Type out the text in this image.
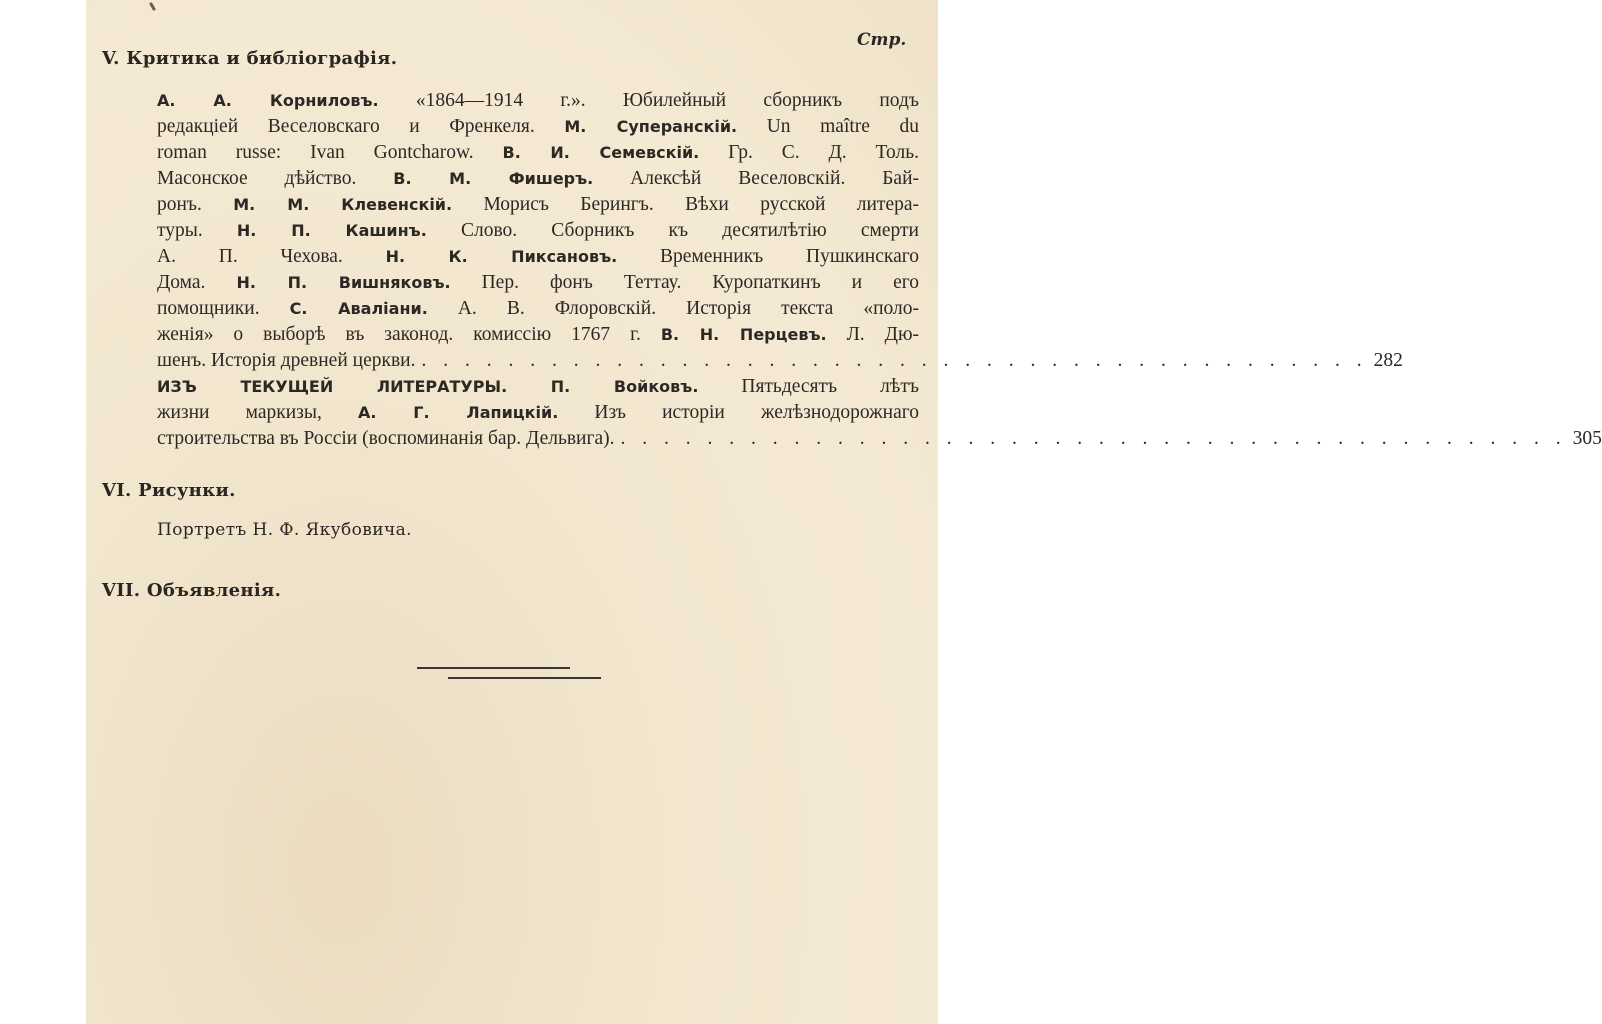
Стр.
V. Критика и библіографія.
А. А. Корниловъ. «1864—1914 г.». Юбилейный сборникъ подъ
редакціей Веселовскаго и Френкеля. М. Суперанскій. Un maître du
roman russe: Ivan Gontcharow. В. И. Семевскій. Гр. С. Д. Толь.
Масонское дѣйство. В. М. Фишеръ. Алексѣй Веселовскій. Бай-
ронъ. М. М. Клевенскій. Морисъ Берингъ. Вѣхи русской литера-
туры. Н. П. Кашинъ. Слово. Сборникъ къ десятилѣтію смерти
А. П. Чехова. Н. К. Пиксановъ. Временникъ Пушкинскаго
Дома. Н. П. Вишняковъ. Пер. фонъ Теттау. Куропаткинъ и его
помощники. С. Аваліани. А. В. Флоровскій. Исторія текста «поло-
женія» о выборѣ въ законод. комиссію 1767 г. В. Н. Перцевъ. Л. Дю-
шенъ. Исторія древней церкви. . . . . . . . . . . . . . . . . . . . . . . . . . . . . . . . . . . . . . . . . . . . . 282
ИЗЪ ТЕКУЩЕЙ ЛИТЕРАТУРЫ. П. Войковъ. Пятьдесятъ лѣтъ
жизни маркизы, А. Г. Лапицкій. Изъ исторіи желѣзнодорожнаго
строительства въ Россіи (воспоминанія бар. Дельвига). . . . . . . . . . . . . . . . . . . . . . . . . . . . . . . . . . . . . . . . . . . . . 305
VI. Рисунки.
Портретъ Н. Ф. Якубовича.
VII. Объявленія.
